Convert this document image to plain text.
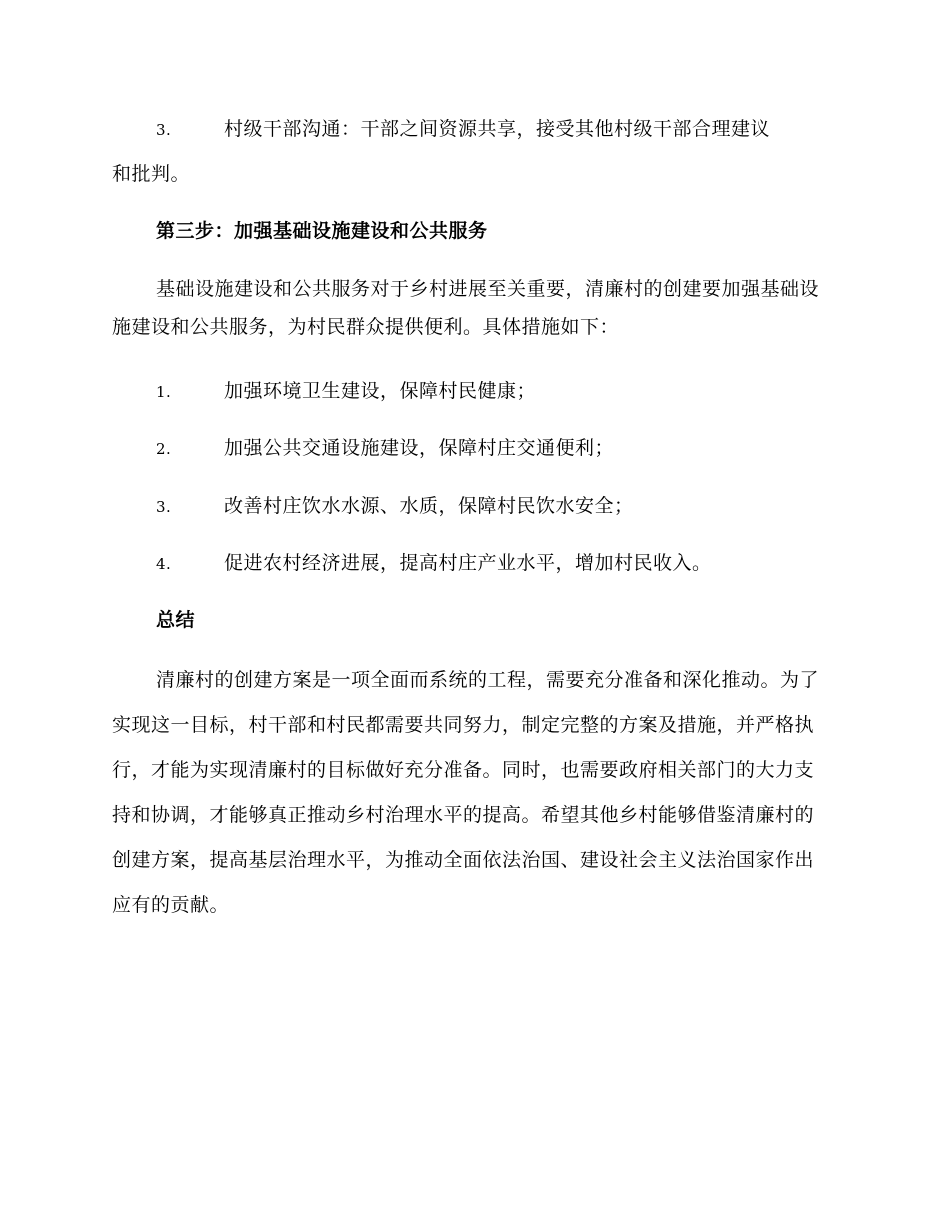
3.	村级干部沟通：干部之间资源共享，接受其他村级干部合理建议
和批判。
第三步：加强基础设施建设和公共服务
基础设施建设和公共服务对于乡村进展至关重要，清廉村的创建要加强基础设施建设和公共服务，为村民群众提供便利。具体措施如下：
1.	加强环境卫生建设，保障村民健康；
2.	加强公共交通设施建设，保障村庄交通便利；
3.	改善村庄饮水水源、水质，保障村民饮水安全；
4.	促进农村经济进展，提高村庄产业水平，增加村民收入。
总结
清廉村的创建方案是一项全面而系统的工程，需要充分准备和深化推动。为了实现这一目标，村干部和村民都需要共同努力，制定完整的方案及措施，并严格执行，才能为实现清廉村的目标做好充分准备。同时，也需要政府相关部门的大力支持和协调，才能够真正推动乡村治理水平的提高。希望其他乡村能够借鉴清廉村的创建方案，提高基层治理水平，为推动全面依法治国、建设社会主义法治国家作出应有的贡献。
